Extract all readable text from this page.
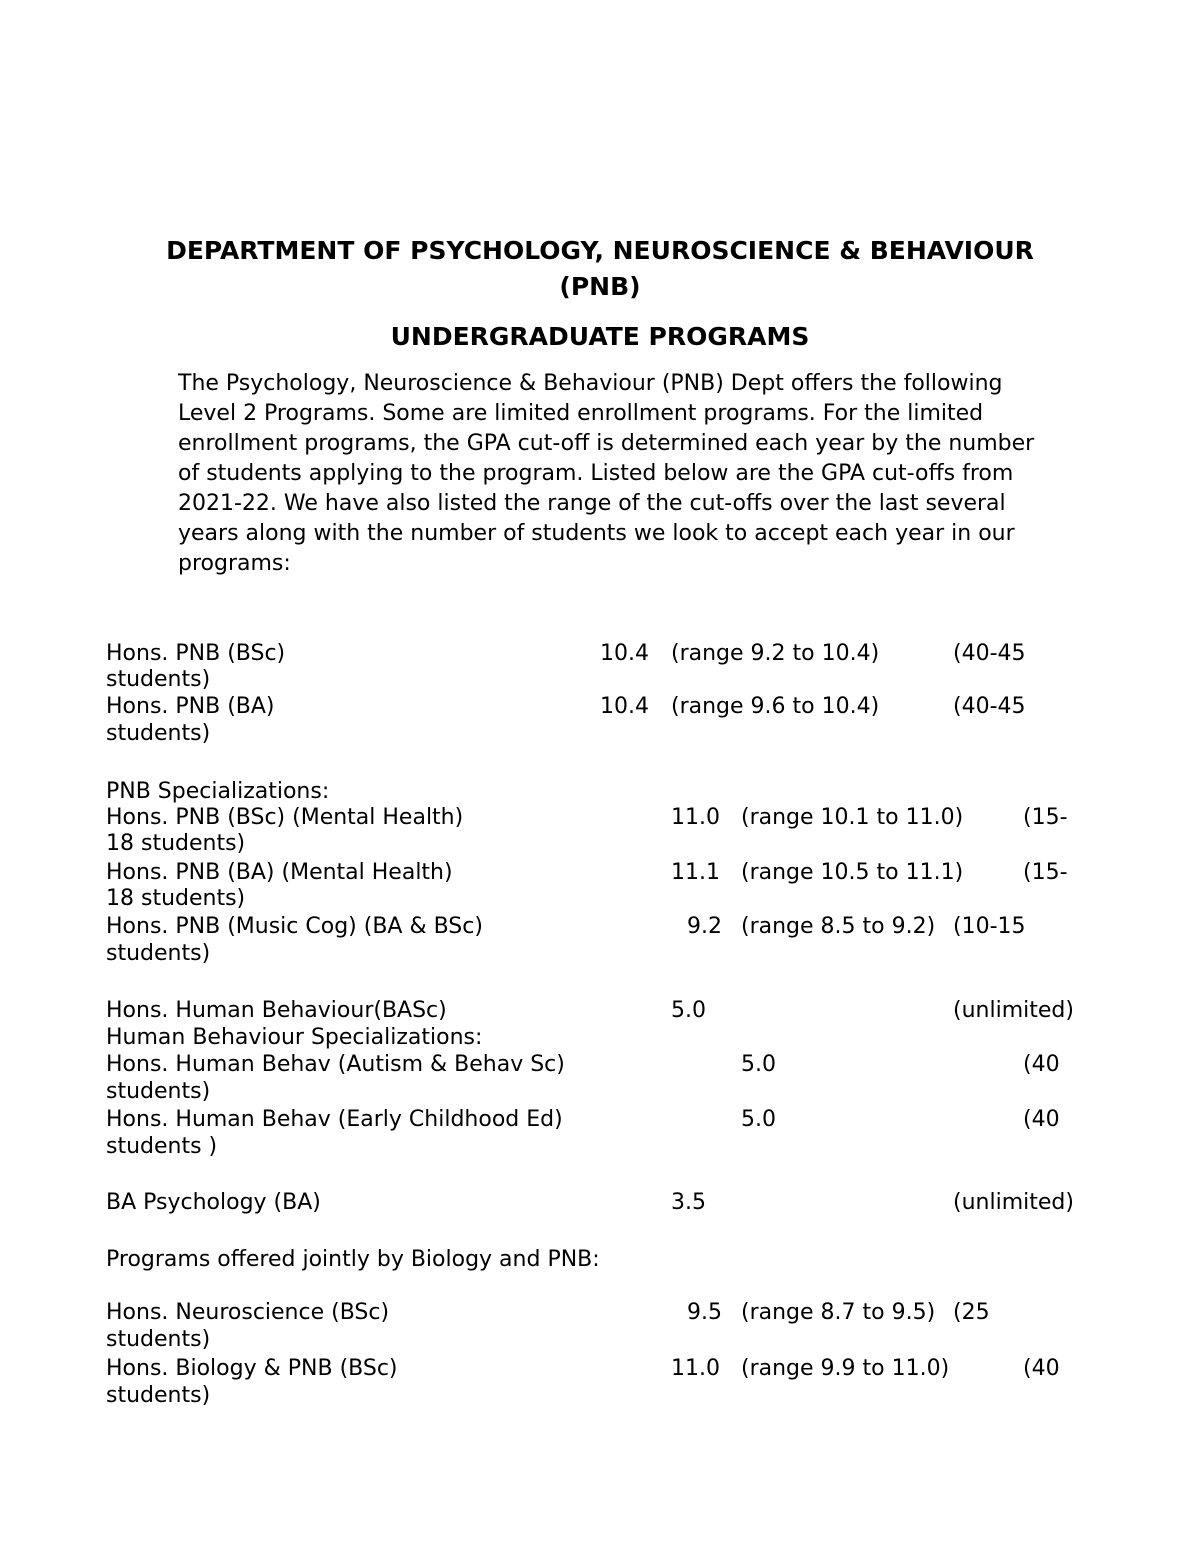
DEPARTMENT OF PSYCHOLOGY, NEUROSCIENCE & BEHAVIOUR
(PNB)
UNDERGRADUATE PROGRAMS

The Psychology, Neuroscience & Behaviour (PNB) Dept offers the following

Level 2 Programs. Some are limited enrollment programs. For the limited

enrollment programs, the GPA cut-off is determined each year by the number

of students applying to the program. Listed below are the GPA cut-offs from

2021-22. We have also listed the range of the cut-offs over the last several

years along with the number of students we look to accept each year in our

programs:

Hons. PNB (BSc)	10.4 (range 9.2 to 10.4)	(40-45
students)
Hons. PNB (BA)	10.4 (range 9.6 to 10.4)	(40-45
students)
PNB Specializations:
Hons. PNB (BSc) (Mental Health)	11.0 (range 10.1 to 11.0)	(15-
18 students)
Hons. PNB (BA) (Mental Health)	11.1 (range 10.5 to 11.1)	(15-
18 students)
Hons. PNB (Music Cog) (BA & BSc)	9.2 (range 8.5 to 9.2) (10-15
students)
Hons. Human Behaviour(BASc)	5.0	(unlimited)
Human Behaviour Specializations:
Hons. Human Behav (Autism & Behav Sc)	5.0	(40
students)
Hons. Human Behav (Early Childhood Ed)	5.0	(40
students )
BA Psychology (BA)	3.5	(unlimited)
Programs offered jointly by Biology and PNB:
Hons. Neuroscience (BSc)	9.5 (range 8.7 to 9.5) (25
students)
Hons. Biology & PNB (BSc)	11.0 (range 9.9 to 11.0)	(40
students)
